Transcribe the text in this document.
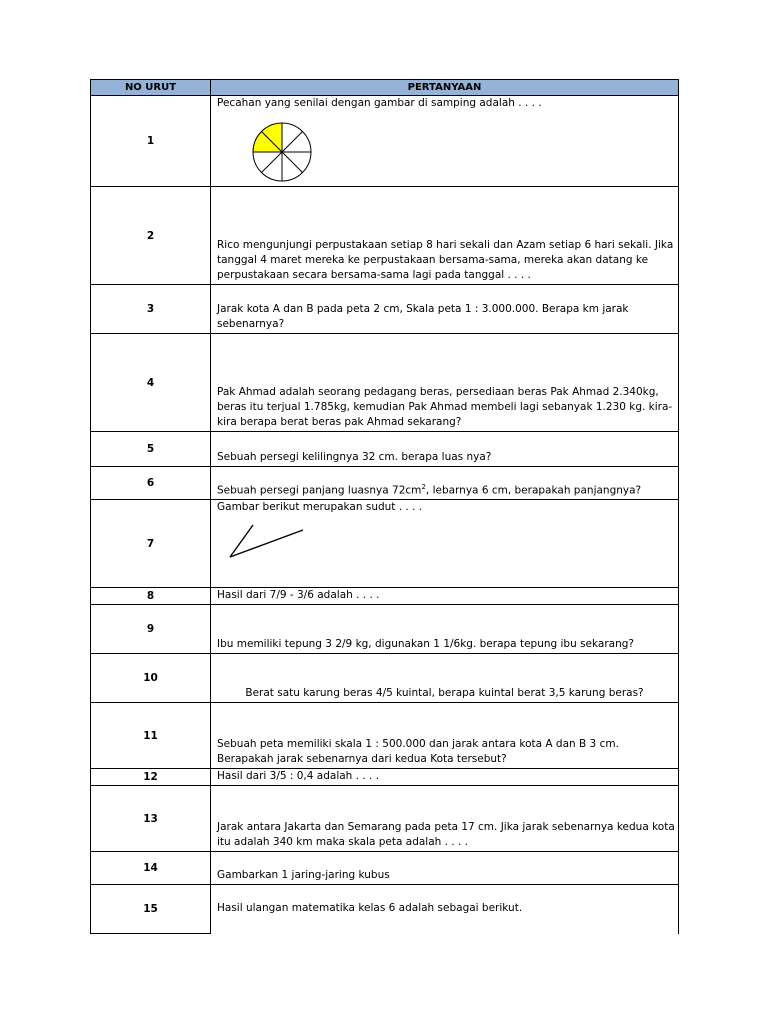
NO URUT	PERTANYAAN
1	Pecahan yang senilai dengan gambar di samping adalah . . . .

2	Rico mengunjungi perpustakaan setiap 8 hari sekali dan Azam setiap 6 hari sekali. Jika tanggal 4 maret mereka ke perpustakaan bersama-sama, mereka akan datang ke perpustakaan secara bersama-sama lagi pada tanggal . . . .
3	Jarak kota A dan B pada peta 2 cm, Skala peta 1 : 3.000.000. Berapa km jarak sebenarnya?
4	Pak Ahmad adalah seorang pedagang beras, persediaan beras Pak Ahmad 2.340kg, beras itu terjual 1.785kg, kemudian Pak Ahmad membeli lagi sebanyak 1.230 kg. kira-kira berapa berat beras pak Ahmad sekarang?
5	Sebuah persegi kelilingnya 32 cm. berapa luas nya?
6	Sebuah persegi panjang luasnya $72cm^2$, lebarnya 6 cm, berapakah panjangnya?
7	Gambar berikut merupakan sudut . . . .

8	Hasil dari 7/9 - 3/6 adalah . . . .
9	Ibu memiliki tepung 3 2/9 kg, digunakan 1 1/6kg. berapa tepung ibu sekarang?
10	Berat satu karung beras 4/5 kuintal, berapa kuintal berat 3,5 karung beras?
11	Sebuah peta memiliki skala 1 : 500.000 dan jarak antara kota A dan B 3 cm. Berapakah jarak sebenarnya dari kedua Kota tersebut?
12	Hasil dari 3/5 : 0,4 adalah . . . .
13	Jarak antara Jakarta dan Semarang pada peta 17 cm. Jika jarak sebenarnya kedua kota itu adalah 340 km maka skala peta adalah . . . .
14	Gambarkan 1 jaring-jaring kubus
15	Hasil ulangan matematika kelas 6 adalah sebagai berikut.
